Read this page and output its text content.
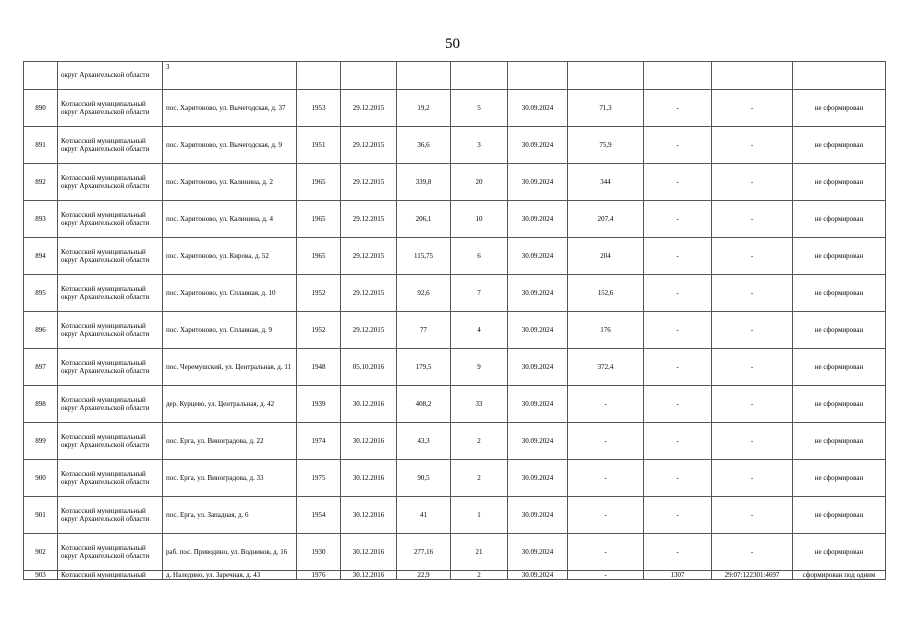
50
	округ Архангельской области	3									
890	Котласский муниципальный округ Архангельской области	пос. Харитоново, ул. Вычегодская, д. 37	1953	29.12.2015	19,2	5	30.09.2024	71,3	-	-	не сформирован
891	Котласский муниципальный округ Архангельской области	пос. Харитоново, ул. Вычегодская, д. 9	1951	29.12.2015	36,6	3	30.09.2024	75,9	-	-	не сформирован
892	Котласский муниципальный округ Архангельской области	пос. Харитоново, ул. Калинина, д. 2	1965	29.12.2015	339,8	20	30.09.2024	344	-	-	не сформирован
893	Котласский муниципальный округ Архангельской области	пос. Харитоново, ул. Калинина, д. 4	1965	29.12.2015	206,1	10	30.09.2024	207,4	-	-	не сформирован
894	Котласский муниципальный округ Архангельской области	пос. Харитоново, ул. Кирова, д. 52	1965	29.12.2015	115,75	6	30.09.2024	204	-	-	не сформирован
895	Котласский муниципальный округ Архангельской области	пос. Харитоново, ул. Сплавная, д. 10	1952	29.12.2015	92,6	7	30.09.2024	152,6	-	-	не сформирован
896	Котласский муниципальный округ Архангельской области	пос. Харитоново, ул. Сплавная, д. 9	1952	29.12.2015	77	4	30.09.2024	176	-	-	не сформирован
897	Котласский муниципальный округ Архангельской области	пос. Черемушский, ул. Центральная, д. 11	1948	05.10.2016	179,5	9	30.09.2024	372,4	-	-	не сформирован
898	Котласский муниципальный округ Архангельской области	дер. Курцево, ул. Центральная, д. 42	1939	30.12.2016	408,2	33	30.09.2024	-	-	-	не сформирован
899	Котласский муниципальный округ Архангельской области	пос. Ерга, ул. Виноградова, д. 22	1974	30.12.2016	43,3	2	30.09.2024	-	-	-	не сформирован
900	Котласский муниципальный округ Архангельской области	пос. Ерга, ул. Виноградова, д. 33	1975	30.12.2016	90,5	2	30.09.2024	-	-	-	не сформирован
901	Котласский муниципальный округ Архангельской области	пос. Ерга, ул. Западная, д. 6	1954	30.12.2016	41	1	30.09.2024	-	-	-	не сформирован
902	Котласский муниципальный округ Архангельской области	раб. пос. Приводино, ул. Водников, д. 16	1930	30.12.2016	277,16	21	30.09.2024	-	-	-	не сформирован
903	Котласский муниципальный	д. Наледино, ул. Заречная, д. 43	1976	30.12.2016	22,9	2	30.09.2024	-	1307	29:07:122301:4697	сформирован под одним
